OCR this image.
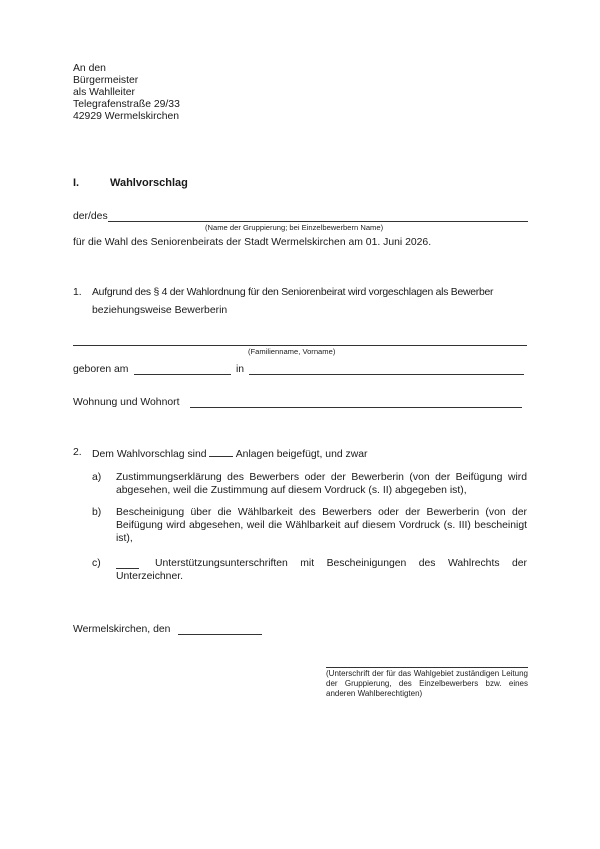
An den
Bürgermeister
als Wahlleiter
Telegrafenstraße 29/33
42929 Wermelskirchen
I.	Wahlvorschlag
der/des
(Name der Gruppierung; bei Einzelbewerbern Name)
für die Wahl des Seniorenbeirats der Stadt Wermelskirchen am 01. Juni 2026.
1. Aufgrund des § 4 der Wahlordnung für den Seniorenbeirat wird vorgeschlagen als Bewerber
beziehungsweise Bewerberin
(Familienname, Vorname)
geboren am	in
Wohnung und Wohnort
2. Dem Wahlvorschlag sind	Anlagen beigefügt, und zwar
a) Zustimmungserklärung des Bewerbers oder der Bewerberin (von der Beifügung wird abgesehen, weil die Zustimmung auf diesem Vordruck (s. II) abgegeben ist),
b) Bescheinigung über die Wählbarkeit des Bewerbers oder der Bewerberin (von der Beifügung wird abgesehen, weil die Wählbarkeit auf diesem Vordruck (s. III) bescheinigt ist),
c)	Unterstützungsunterschriften mit Bescheinigungen des Wahlrechts der Unterzeichner.
Wermelskirchen, den
(Unterschrift der für das Wahlgebiet zuständigen Leitung der Gruppierung, des Einzelbewerbers bzw. eines anderen Wahlberechtigten)
